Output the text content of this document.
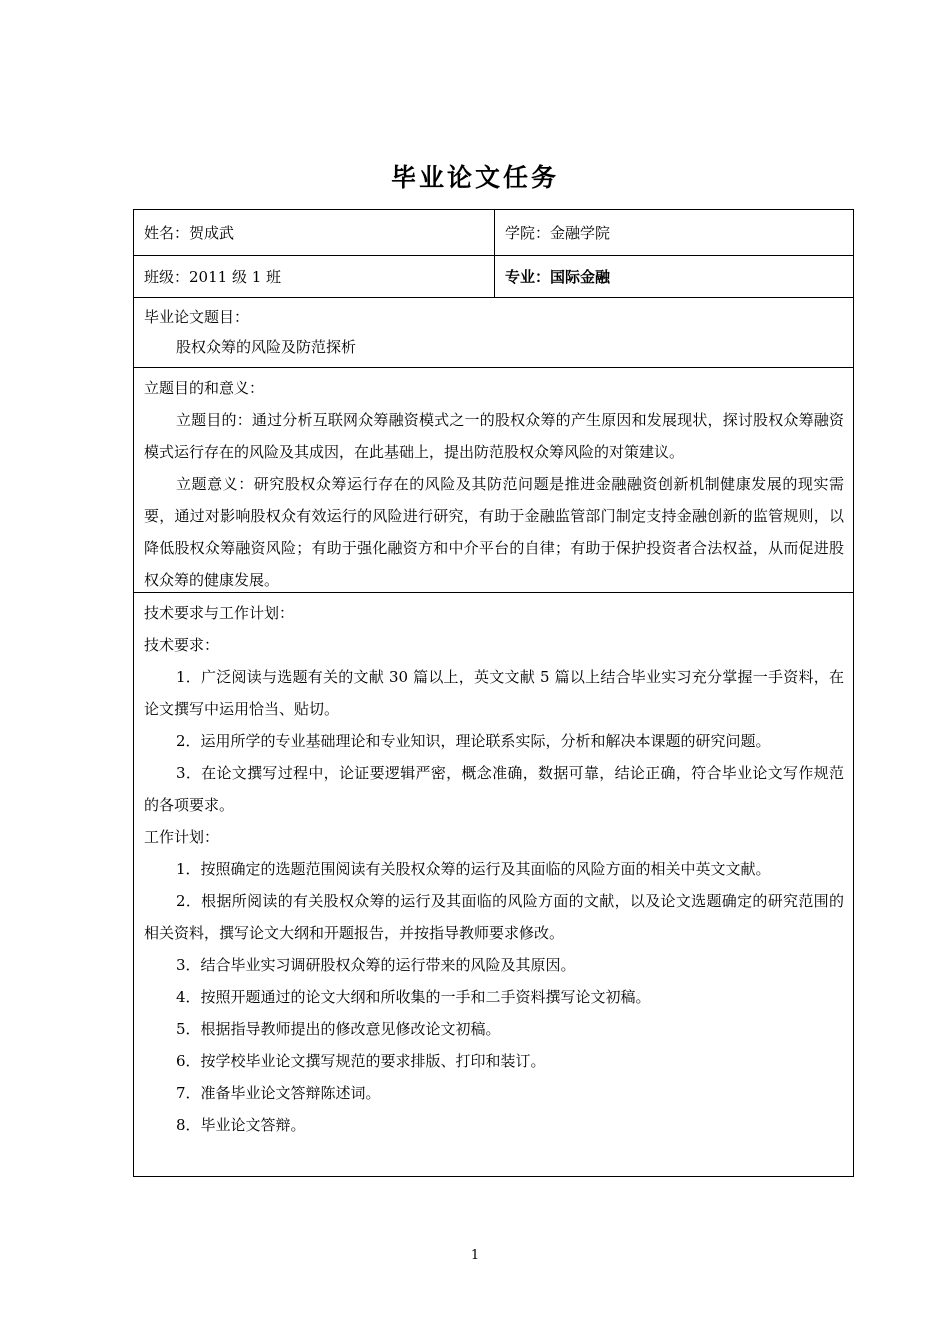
毕业论文任务
姓名：贺成武	学院：金融学院
班级：2011 级 1 班	专业：国际金融

毕业论文题目：

股权众筹的风险及防范探析

立题目的和意义：

立题目的：通过分析互联网众筹融资模式之一的股权众筹的产生原因和发展现状，探讨股权众筹融资模式运行存在的风险及其成因，在此基础上，提出防范股权众筹风险的对策建议。

立题意义：研究股权众筹运行存在的风险及其防范问题是推进金融融资创新机制健康发展的现实需要，通过对影响股权众有效运行的风险进行研究，有助于金融监管部门制定支持金融创新的监管规则，以降低股权众筹融资风险；有助于强化融资方和中介平台的自律；有助于保护投资者合法权益，从而促进股权众筹的健康发展。

技术要求与工作计划：

技术要求：

1．广泛阅读与选题有关的文献 30 篇以上，英文文献 5 篇以上结合毕业实习充分掌握一手资料，在论文撰写中运用恰当、贴切。

2．运用所学的专业基础理论和专业知识，理论联系实际，分析和解决本课题的研究问题。

3．在论文撰写过程中，论证要逻辑严密，概念准确，数据可靠，结论正确，符合毕业论文写作规范的各项要求。

工作计划：

1．按照确定的选题范围阅读有关股权众筹的运行及其面临的风险方面的相关中英文文献。

2．根据所阅读的有关股权众筹的运行及其面临的风险方面的文献，以及论文选题确定的研究范围的相关资料，撰写论文大纲和开题报告，并按指导教师要求修改。

3．结合毕业实习调研股权众筹的运行带来的风险及其原因。

4．按照开题通过的论文大纲和所收集的一手和二手资料撰写论文初稿。

5．根据指导教师提出的修改意见修改论文初稿。

6．按学校毕业论文撰写规范的要求排版、打印和装订。

7．准备毕业论文答辩陈述词。

8．毕业论文答辩。

1
